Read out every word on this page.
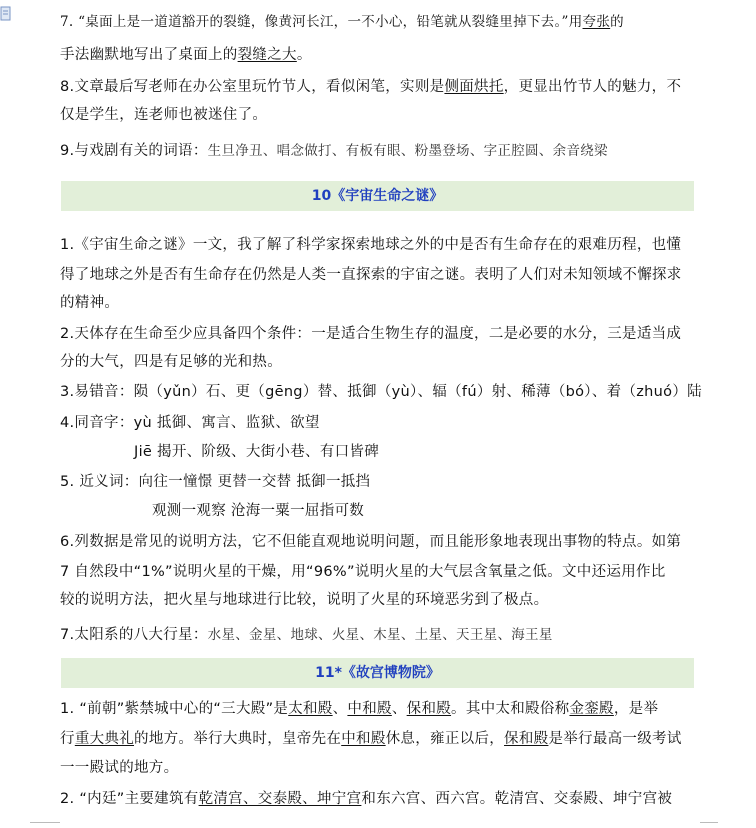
7. “桌面上是一道道豁开的裂缝，像黄河长江，一不小心，铅笔就从裂缝里掉下去。”用夸张的
手法幽默地写出了桌面上的裂缝之大。
8.文章最后写老师在办公室里玩竹节人，看似闲笔，实则是侧面烘托，更显出竹节人的魅力，不
仅是学生，连老师也被迷住了。
9.与戏剧有关的词语：生旦净丑、唱念做打、有板有眼、粉墨登场、字正腔圆、余音绕梁
10《宇宙生命之谜》
1.《宇宙生命之谜》一文，我了解了科学家探索地球之外的中是否有生命存在的艰难历程，也懂
得了地球之外是否有生命存在仍然是人类一直探索的宇宙之谜。表明了人们对未知领域不懈探求
的精神。
2.天体存在生命至少应具备四个条件：一是适合生物生存的温度，二是必要的水分，三是适当成
分的大气，四是有足够的光和热。
3.易错音：陨（yǔn）石、更（gēng）替、抵御（yù）、辐（fú）射、稀薄（bó）、着（zhuó）陆
4.同音字：yù 抵御、寓言、监狱、欲望
Jiē 揭开、阶级、大街小巷、有口皆碑
5. 近义词：向往一憧憬 更替一交替 抵御一抵挡
观测一观察 沧海一粟一屈指可数
6.列数据是常见的说明方法，它不但能直观地说明问题，而且能形象地表现出事物的特点。如第
7 自然段中“1%”说明火星的干燥，用“96%”说明火星的大气层含氧量之低。文中还运用作比
较的说明方法，把火星与地球进行比较，说明了火星的环境恶劣到了极点。
7.太阳系的八大行星：水星、金星、地球、火星、木星、土星、天王星、海王星
11*《故宫博物院》
1. “前朝”紫禁城中心的“三大殿”是太和殿、中和殿、保和殿。其中太和殿俗称金銮殿，是举
行重大典礼的地方。举行大典时，皇帝先在中和殿休息，雍正以后，保和殿是举行最高一级考试
一一殿试的地方。
2. “内廷”主要建筑有乾清宫、交泰殿、坤宁宫和东六宫、西六宫。乾清宫、交泰殿、坤宁宫被
